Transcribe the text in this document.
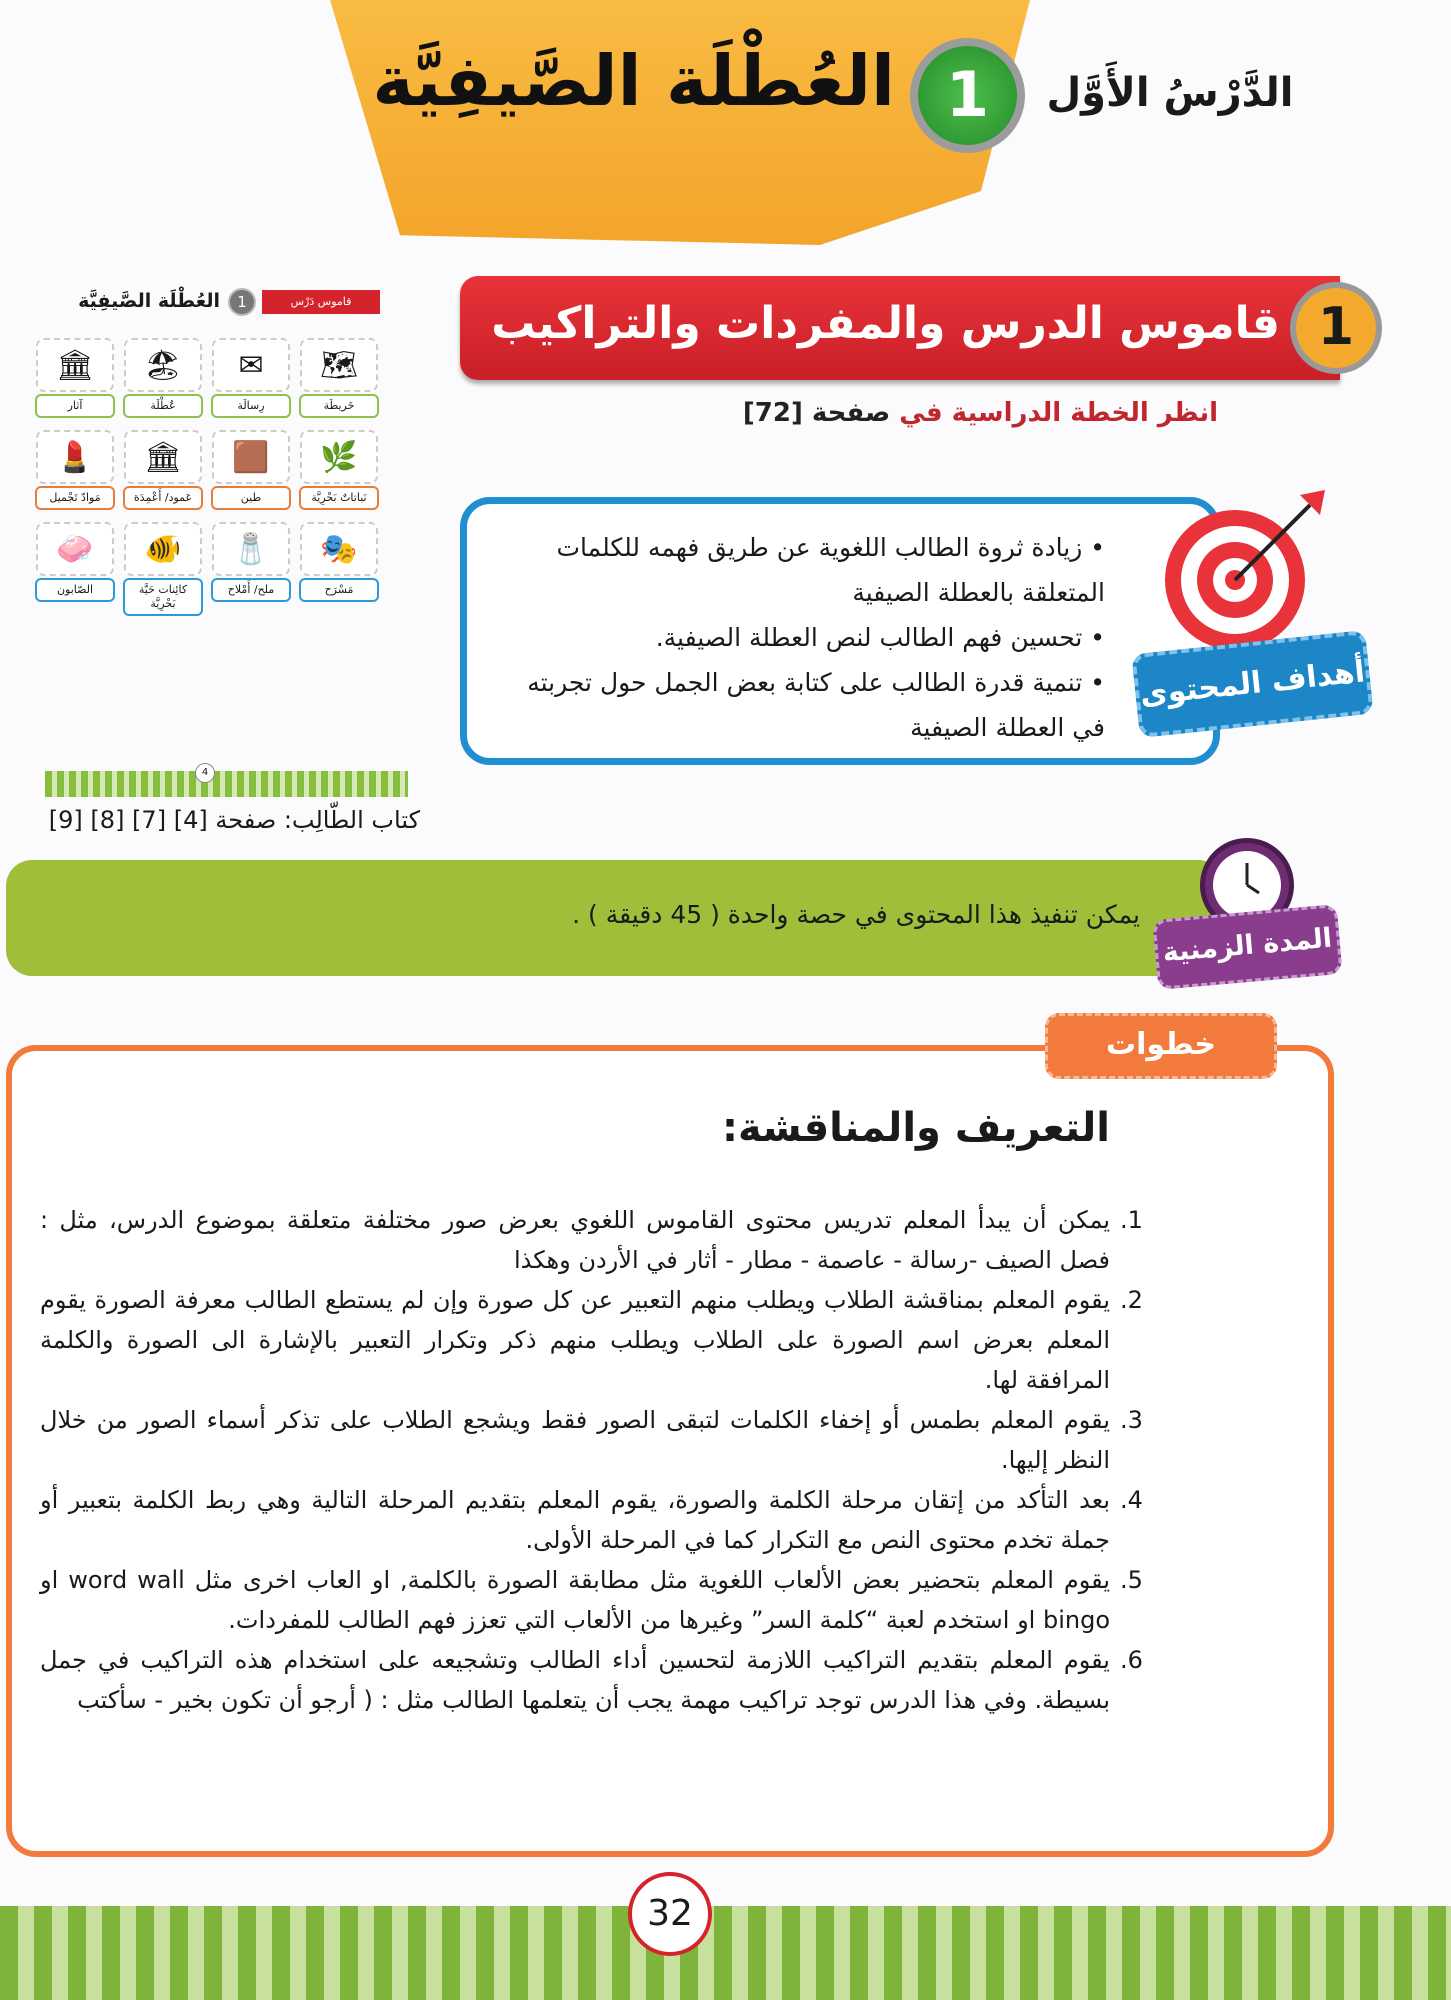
العُطْلَة الصَّيفِيَّة 1	الدَّرْسُ الأَوَّل
قاموس الدرس والمفردات والتراكيب 1
انظر الخطة الدراسية في صفحة [72]
قاموس دَرْس
1
العُطْلَة الصَّيفِيَّة
🗺
خَريطَة
✉
رِسالَة
🏖
عُطْلَة
🏛
آثار
🌿
نَباتاتٌ بَحْرِيَّة
🟫
طين
🏛
عَمود/ أَعْمِدَة
💄
مَوادّ تَجْميل
🎭
مَسْرَح
🧂
ملح/ أَمْلاح
🐠
كائِنات حَيَّة بَحْرِيَّة
🧼
الصّابون
• زيادة ثروة الطالب اللغوية عن طريق فهمه للكلمات المتعلقة بالعطلة الصيفية
• تحسين فهم الطالب لنص العطلة الصيفية.
• تنمية قدرة الطالب على كتابة بعض الجمل حول تجربته في العطلة الصيفية
أهداف المحتوى
4
كتاب الطّالِب: صفحة [4] [7] [8] [9]
يمكن تنفيذ هذا المحتوى في حصة واحدة ( 45 دقيقة ) .
المدة الزمنية
خطوات التدريس
التعريف والمناقشة:
1.
يمكن أن يبدأ المعلم تدريس محتوى القاموس اللغوي بعرض صور مختلفة متعلقة بموضوع الدرس، مثل : فصل الصيف -رسالة - عاصمة - مطار - أثار في الأردن وهكذا
2.
يقوم المعلم بمناقشة الطلاب ويطلب منهم التعبير عن كل صورة وإن لم يستطع الطالب معرفة الصورة يقوم المعلم بعرض اسم الصورة على الطلاب ويطلب منهم ذكر وتكرار التعبير بالإشارة الى الصورة والكلمة المرافقة لها.
3.
يقوم المعلم بطمس أو إخفاء الكلمات لتبقى الصور فقط ويشجع الطلاب على تذكر أسماء الصور من خلال النظر إليها.
4.
بعد التأكد من إتقان مرحلة الكلمة والصورة، يقوم المعلم بتقديم المرحلة التالية وهي ربط الكلمة بتعبير أو جملة تخدم محتوى النص مع التكرار كما في المرحلة الأولى.
5.
يقوم المعلم بتحضير بعض الألعاب اللغوية مثل مطابقة الصورة بالكلمة, او العاب اخرى مثل word wall او bingo او استخدم لعبة “كلمة السر” وغيرها من الألعاب التي تعزز فهم الطالب للمفردات.
6.
يقوم المعلم بتقديم التراكيب اللازمة لتحسين أداء الطالب وتشجيعه على استخدام هذه التراكيب في جمل بسيطة. وفي هذا الدرس توجد تراكيب مهمة يجب أن يتعلمها الطالب مثل : ( أرجو أن تكون بخير - سأكتب
32
